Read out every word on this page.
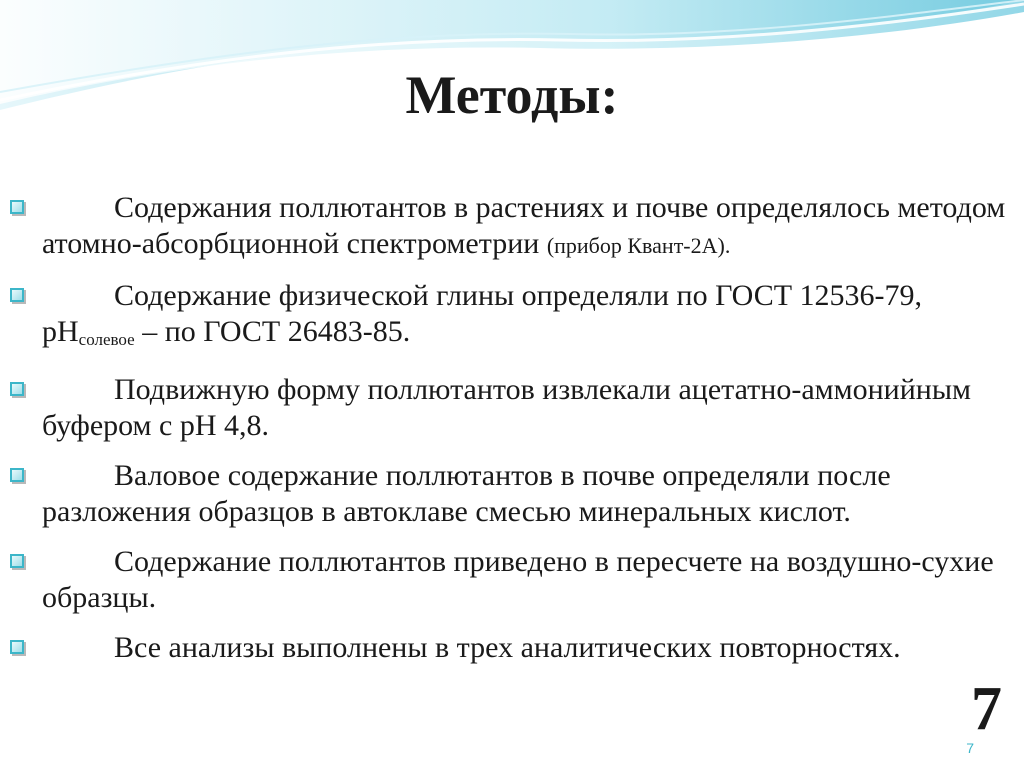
Методы:
Содержания поллютантов в растениях и почве определялось методом атомно-абсорбционной спектрометрии (прибор Квант-2А).
Содержание физической глины определяли по ГОСТ 12536-79, $pH_{солевое}$ – по ГОСТ 26483-85.
Подвижную форму поллютантов извлекали ацетатно-аммонийным буфером с рН 4,8.
Валовое содержание поллютантов в почве определяли после разложения образцов в автоклаве смесью минеральных кислот.
Содержание поллютантов приведено в пересчете на воздушно-сухие образцы.
Все анализы выполнены в трех аналитических повторностях.
7
7
